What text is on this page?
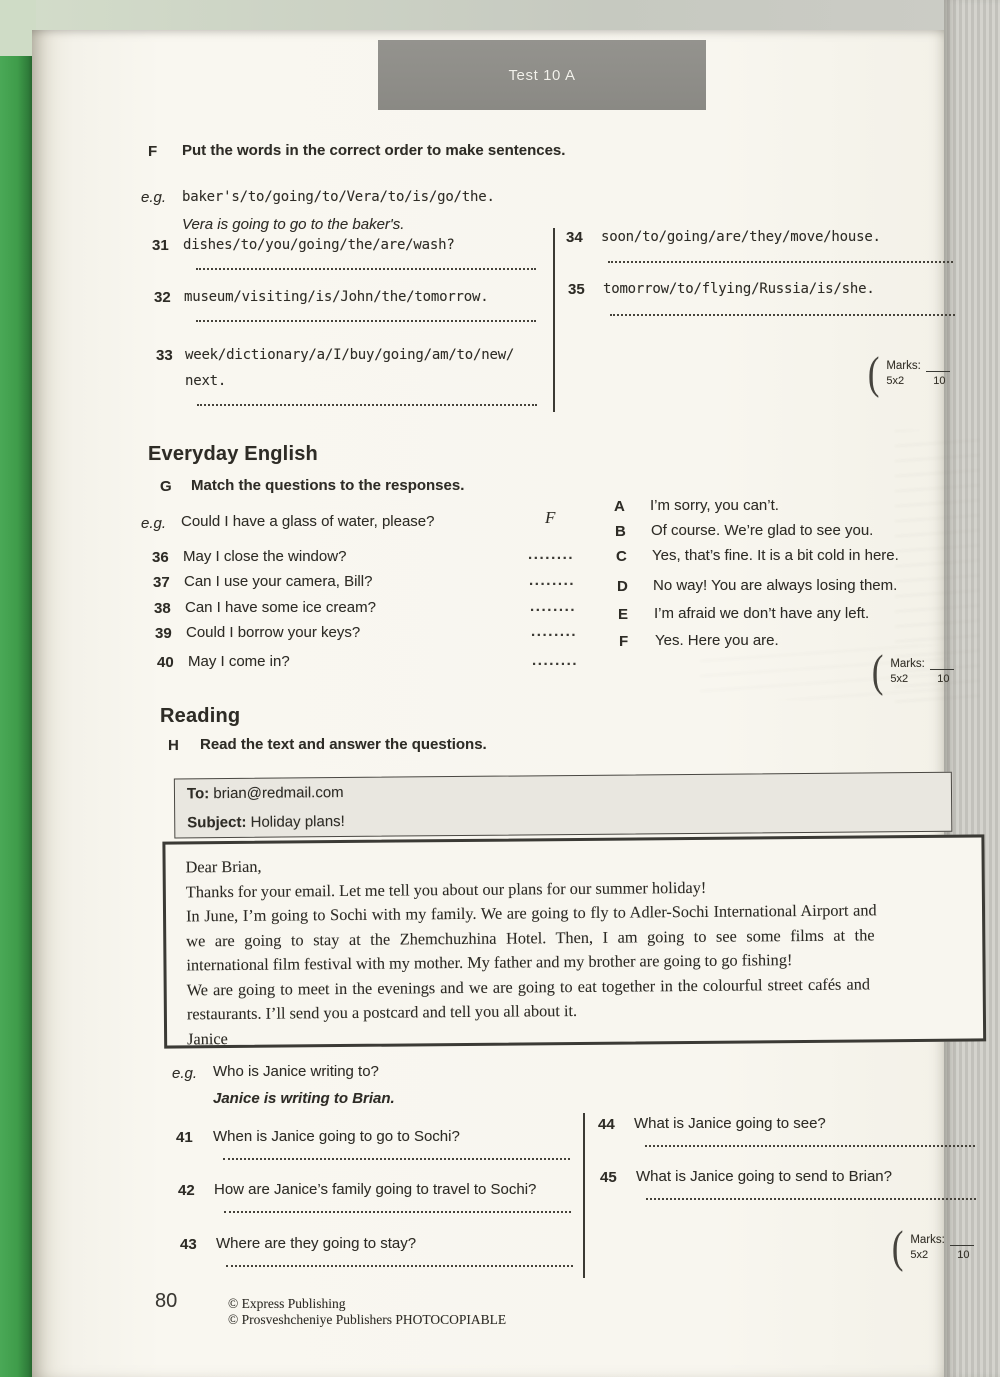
Test 10 A
F Put the words in the correct order to make sentences.
e.g. baker's/to/going/to/Vera/to/is/go/the.
Vera is going to go to the baker's.
31 dishes/to/you/going/the/are/wash?
32 museum/visiting/is/John/the/tomorrow.
33 week/dictionary/a/I/buy/going/am/to/new/
next.
34 soon/to/going/are/they/move/house.
35 tomorrow/to/flying/Russia/is/she.
( Marks:
5x2	10
Everyday English
G Match the questions to the responses.
e.g. Could I have a glass of water, please?	F
36 May I close the window?	........
37 Can I use your camera, Bill?	........
38 Can I have some ice cream?	........
39 Could I borrow your keys?	........
40 May I come in?	........
A I’m sorry, you can’t.
B Of course. We’re glad to see you.
C Yes, that’s fine. It is a bit cold in here.
D No way! You are always losing them.
E I’m afraid we don’t have any left.
F Yes. Here you are.
( Marks:
5x2	10
Reading
H Read the text and answer the questions.
To: brian@redmail.com
Subject: Holiday plans!
Dear Brian,
Thanks for your email. Let me tell you about our plans for our summer holiday!
In June, I’m going to Sochi with my family. We are going to fly to Adler-Sochi International Airport and
we are going to stay at the Zhemchuzhina Hotel. Then, I am going to see some films at the
international film festival with my mother. My father and my brother are going to go fishing!
We are going to meet in the evenings and we are going to eat together in the colourful street cafés and
restaurants. I’ll send you a postcard and tell you all about it.
Janice
e.g. Who is Janice writing to?
Janice is writing to Brian.
41 When is Janice going to go to Sochi?
42 How are Janice’s family going to travel to Sochi?
43 Where are they going to stay?
44 What is Janice going to see?
45 What is Janice going to send to Brian?
( Marks:
5x2	10
80	© Express Publishing
© Prosveshcheniye Publishers PHOTOCOPIABLE
